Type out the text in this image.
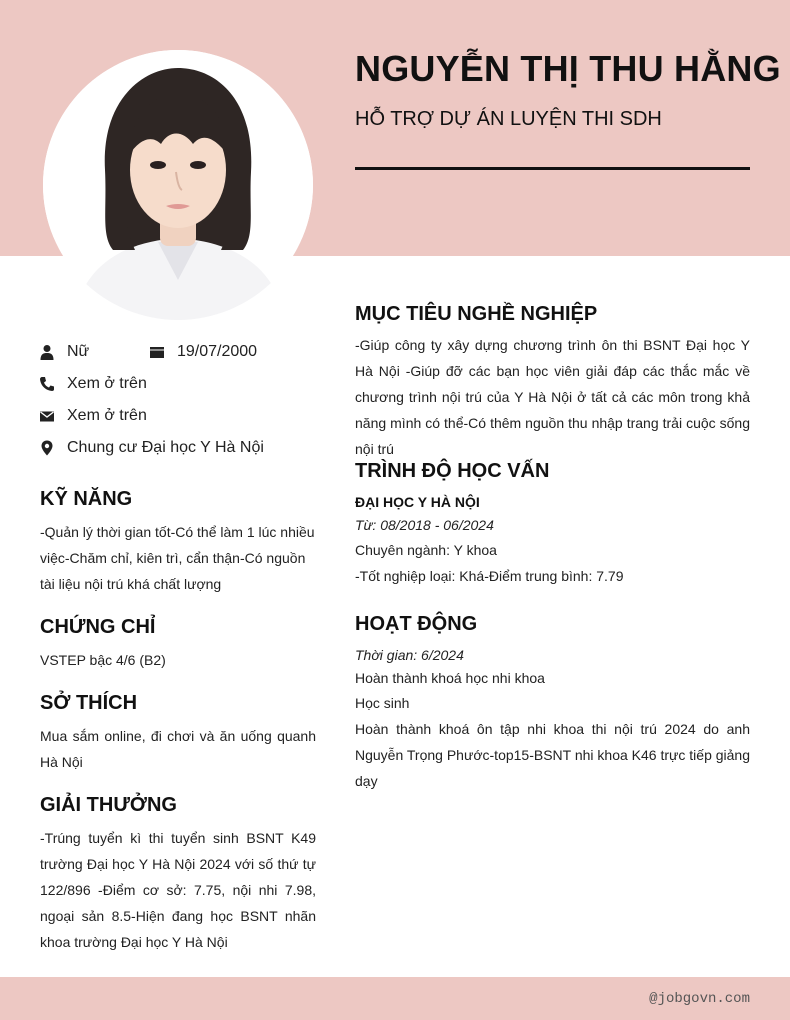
NGUYỄN THỊ THU HẰNG
HỖ TRỢ DỰ ÁN LUYỆN THI SDH
Nữ	19/07/2000
Xem ở trên
Xem ở trên
Chung cư Đại học Y Hà Nội
KỸ NĂNG
-Quản lý thời gian tốt-Có thể làm 1 lúc nhiều việc-Chăm chỉ, kiên trì, cẩn thận-Có nguồn tài liệu nội trú khá chất lượng
CHỨNG CHỈ
VSTEP bậc 4/6 (B2)
SỞ THÍCH
Mua sắm online, đi chơi và ăn uống quanh Hà Nội
GIẢI THƯỞNG
-Trúng tuyển kì thi tuyển sinh BSNT K49 trường Đại học Y Hà Nội 2024 với số thứ tự 122/896 -Điểm cơ sở: 7.75, nội nhi 7.98, ngoại sản 8.5-Hiện đang học BSNT nhãn khoa trường Đại học Y Hà Nội
MỤC TIÊU NGHỀ NGHIỆP
-Giúp công ty xây dựng chương trình ôn thi BSNT Đại học Y Hà Nội -Giúp đỡ các bạn học viên giải đáp các thắc mắc về chương trình nội trú của Y Hà Nội ở tất cả các môn trong khả năng mình có thể-Có thêm nguồn thu nhập trang trải cuộc sống nội trú
TRÌNH ĐỘ HỌC VẤN
ĐẠI HỌC Y HÀ NỘI
Từ: 08/2018 - 06/2024
Chuyên ngành: Y khoa
-Tốt nghiệp loại: Khá-Điểm trung bình: 7.79
HOẠT ĐỘNG
Thời gian: 6/2024
Hoàn thành khoá học nhi khoa
Học sinh
Hoàn thành khoá ôn tập nhi khoa thi nội trú 2024 do anh Nguyễn Trọng Phước-top15-BSNT nhi khoa K46 trực tiếp giảng dạy
@jobgovn.com
